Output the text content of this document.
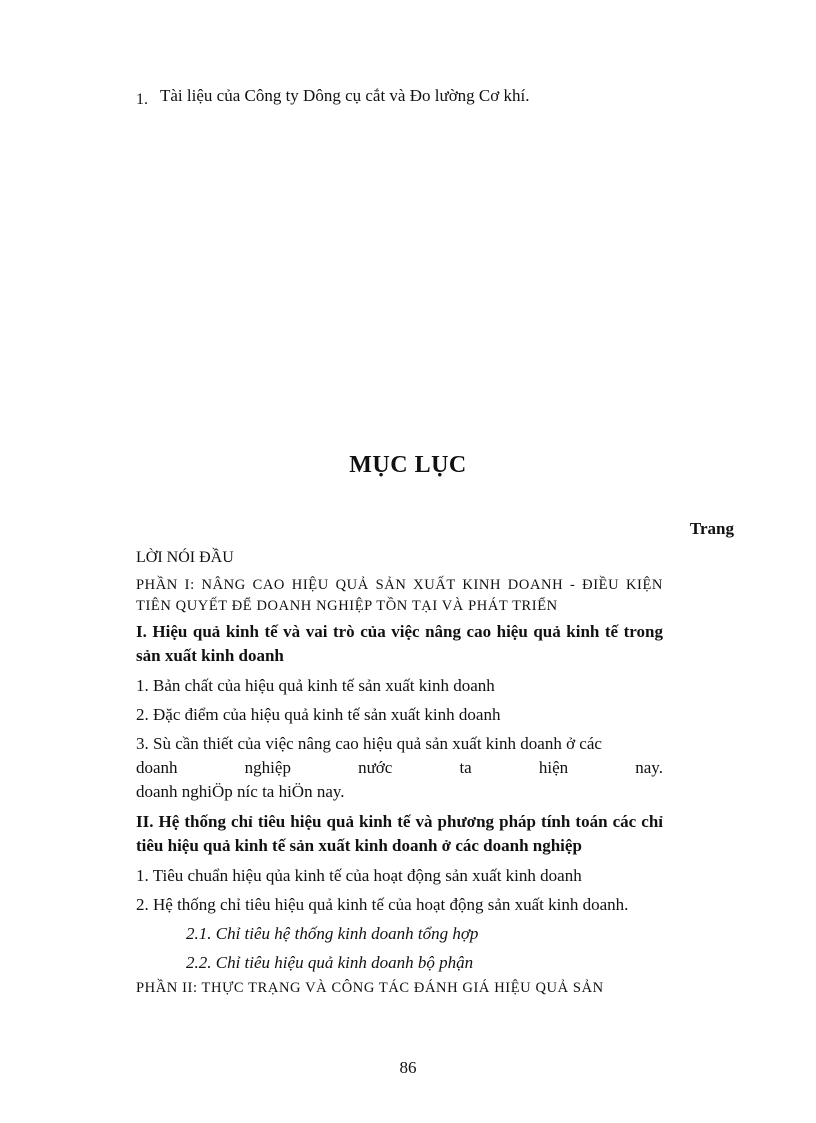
1. Tài liệu của Công ty Dông cụ cắt và Đo lường Cơ khí.
MỤC LỤC
Trang

LỜI NÓI ĐẦU

PHẦN I: NÂNG CAO HIỆU QUẢ SẢN XUẤT KINH DOANH - ĐIỀU KIỆN TIÊN QUYẾT ĐỂ DOANH NGHIỆP TỒN TẠI VÀ PHÁT TRIỂN

I. Hiệu quả kinh tế và vai trò của việc nâng cao hiệu quả kinh tế trong sản xuất kinh doanh

1. Bản chất của hiệu quả kinh tế sản xuất kinh doanh

2. Đặc điểm của hiệu quả kinh tế sản xuất kinh doanh

3. Sù cần thiết của việc nâng cao hiệu quả sản xuất kinh doanh ở các

doanh	nghiệp	nước	ta	hiện	nay.

doanh nghiÖp níc ta hiÖn nay.

II. Hệ thống chỉ tiêu hiệu quả kinh tế và phương pháp tính toán các chỉ tiêu hiệu quả kinh tế sản xuất kinh doanh ở các doanh nghiệp

1. Tiêu chuẩn hiệu qủa kinh tế của hoạt động sản xuất kinh doanh

2. Hệ thống chỉ tiêu hiệu quả kinh tế của hoạt động sản xuất kinh doanh.

2.1. Chỉ tiêu hệ thống kinh doanh tổng hợp

2.2. Chỉ tiêu hiệu quả kinh doanh bộ phận

PHẦN II: THỰC TRẠNG VÀ CÔNG TÁC ĐÁNH GIÁ HIỆU QUẢ SẢN

86
